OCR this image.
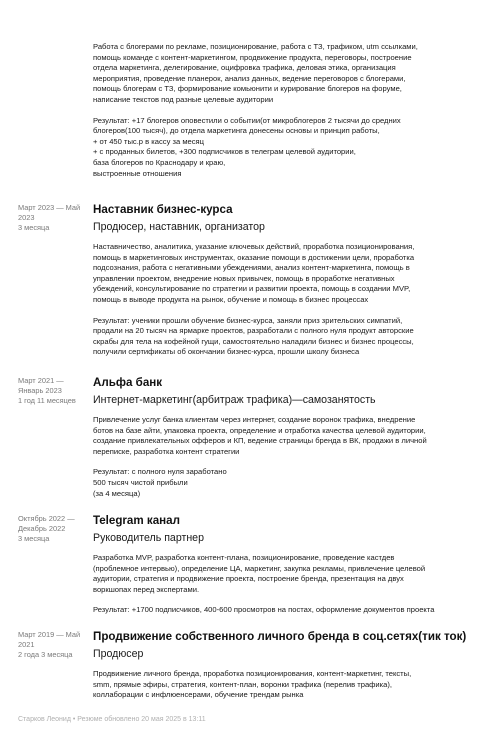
Работа с блогерами по рекламе, позиционирование, работа с ТЗ, трафиком, utm ссылками,
помощь команде с контент-маркетингом, продвижение продукта, переговоры, построение
отдела маркетинга, делегирование, оцифровка трафика, деловая этика, организация
мероприятия, проведение планерок, анализ данных, ведение переговоров с блогерами,
помощь блогерам с ТЗ, формирование комьюнити и курирование блогеров на форуме,
написание текстов под разные целевые аудитории
Результат: +17 блогеров оповестили о событии(от микроблогеров 2 тысячи до средних
блогеров(100 тысяч), до отдела маркетинга донесены основы и принцип работы,
+ от 450 тыс.р в кассу за месяц
+ с проданных билетов, +300 подписчиков в телеграм целевой аудитории,
база блогеров по Краснодару и краю,
выстроенные отношения
Март 2023 — Май
2023
3 месяца
Наставник бизнес-курса
Продюсер, наставник, организатор
Наставничество, аналитика, указание ключевых действий, проработка позиционирования,
помощь в маркетинговых инструментах, оказание помощи в достижении цели, проработка
подсознания, работа с негативными убеждениями, анализ контент-маркетинга, помощь в
управлении проектом, внедрение новых привычек, помощь в проработке негативных
убеждений, консультирование по стратегии и развитии проекта, помощь в создании MVP,
помощь в выводе продукта на рынок, обучение и помощь в бизнес процессах
Результат: ученики прошли обучение бизнес-курса, заняли приз зрительских симпатий,
продали на 20 тысяч на ярмарке проектов, разработали с полного нуля продукт авторские
скрабы для тела на кофейной гущи, самостоятельно наладили бизнес и бизнес процессы,
получили сертификаты об окончании бизнес-курса, прошли школу бизнеса
Март 2021 —
Январь 2023
1 год 11 месяцев
Альфа банк
Интернет-маркетинг(арбитраж трафика)—самозанятость
Привлечение услуг банка клиентам через интернет, создание воронок трафика, внедрение
ботов на базе айти, упаковка проекта, определение и отработка качества целевой аудитории,
создание привлекательных офферов и КП, ведение страницы бренда в ВК, продажи в личной
переписке, разработка контент стратегии
Результат: с полного нуля заработано
500 тысяч чистой прибыли
(за 4 месяца)
Октябрь 2022 —
Декабрь 2022
3 месяца
Telegram канал
Руководитель партнер
Разработка MVP, разработка контент-плана, позиционирование, проведение кастдев
(проблемное интервью), определение ЦА, маркетинг, закупка рекламы, привлечение целевой
аудитории, стратегия и продвижение проекта, построение бренда, презентация на двух
воркшопах перед экспертами.
Результат: +1700 подписчиков, 400-600 просмотров на постах, оформление документов проекта
Март 2019 — Май
2021
2 года 3 месяца
Продвижение собственного личного бренда в соц.сетях(тик ток)
Продюсер
Продвижение личного бренда, проработка позиционирования, контент-маркетинг, тексты,
smm, прямые эфиры, стратегия, контент-план, воронки трафика (перелив трафика),
коллаборации с инфлюенсерами, обучение трендам рынка
Старков Леонид • Резюме обновлено 20 мая 2025 в 13:11
